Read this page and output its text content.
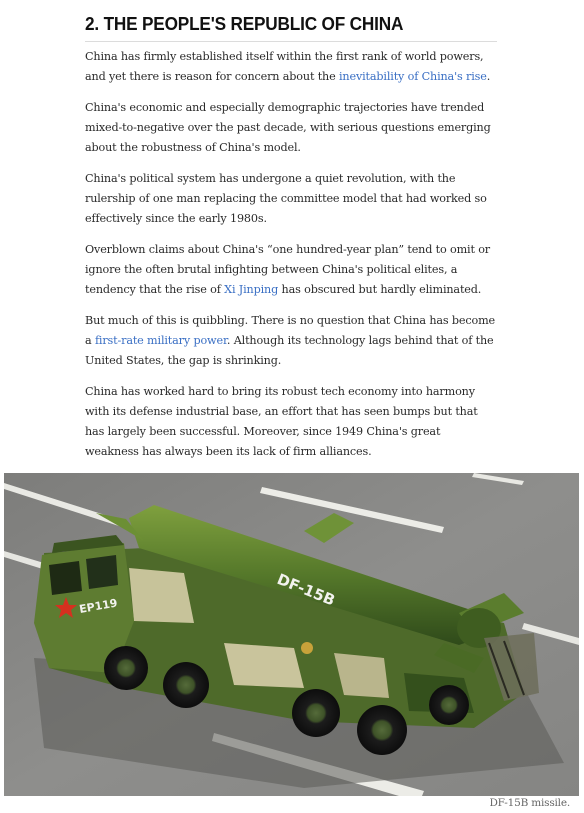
2. THE PEOPLE'S REPUBLIC OF CHINA

China has firmly established itself within the first rank of world powers, and yet there is reason for concern about the inevitability of China's rise.

China's economic and especially demographic trajectories have trended mixed-to-negative over the past decade, with serious questions emerging about the robustness of China's model.

China's political system has undergone a quiet revolution, with the rulership of one man replacing the committee model that had worked so effectively since the early 1980s.

Overblown claims about China's “one hundred-year plan” tend to omit or ignore the often brutal infighting between China's political elites, a tendency that the rise of Xi Jinping has obscured but hardly eliminated.

But much of this is quibbling. There is no question that China has become a first-rate military power. Although its technology lags behind that of the United States, the gap is shrinking.

China has worked hard to bring its robust tech economy into harmony with its defense industrial base, an effort that has seen bumps but that has largely been successful. Moreover, since 1949 China's great weakness has always been its lack of firm alliances.

DF-15B
EP119
DF-15B missile.
